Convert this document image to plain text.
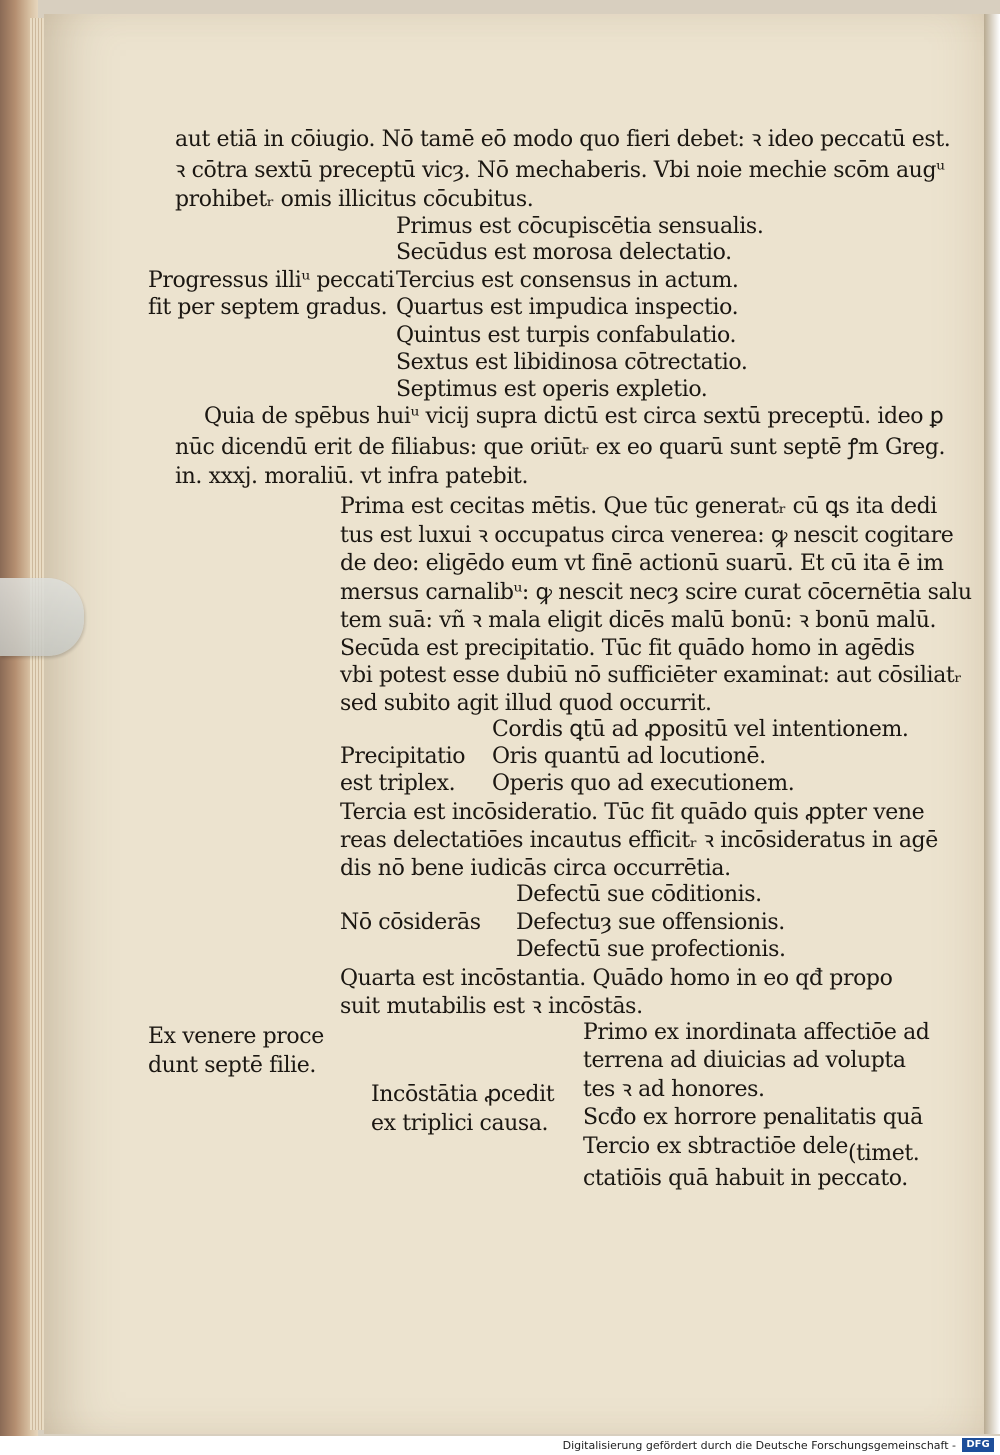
aut etiā in cōiugio. Nō tamē eō modo quo fieri debet: ꝛ ideo peccatū est.
ꝛ cōtra sextū preceptū vicȝ. Nō mechaberis. Vbi noie mechie scōm augᵘ
prohibetᵣ omis illicitus cōcubitus.
Primus est cōcupiscētia sensualis.
Secūdus est morosa delectatio.
Progressus illiᵘ peccati Tercius est consensus in actum.
fit per septem gradus. Quartus est impudica inspectio.
Quintus est turpis confabulatio.
Sextus est libidinosa cōtrectatio.
Septimus est operis expletio.
Quia de spēbus huiᵘ vicij supra dictū est circa sextū preceptū. ideo ꝑ
nūc dicendū erit de filiabus: que oriūtᵣ ex eo quarū sunt septē ꝭm Greg.
in. xxxj. moraliū. vt infra patebit.
Prima est cecitas mētis. Que tūc generatᵣ cū ꝗs ita dedi
tus est luxui ꝛ occupatus circa venerea: ꝙ nescit cogitare
de deo: eligēdo eum vt finē actionū suarū. Et cū ita ē im
mersus carnalibᵘ: ꝙ nescit necȝ scire curat cōcernētia salu
tem suā: vñ ꝛ mala eligit dicēs malū bonū: ꝛ bonū malū.
Secūda est precipitatio. Tūc fit quādo homo in agēdis
vbi potest esse dubiū nō sufficiēter examinat: aut cōsiliatᵣ
sed subito agit illud quod occurrit.
Cordis ꝗtū ad ꝓpositū vel intentionem.
Precipitatio Oris quantū ad locutionē.
est triplex. Operis quo ad executionem.
Tercia est incōsideratio. Tūc fit quādo quis ꝓpter vene
reas delectatiōes incautus efficitᵣ ꝛ incōsideratus in agē
dis nō bene iudicās circa occurrētia.
Defectū sue cōditionis.
Nō cōsiderās Defectuȝ sue offensionis.
Defectū sue profectionis.
Quarta est incōstantia. Quādo homo in eo qđ propo
suit mutabilis est ꝛ incōstās.
Ex venere proce
dunt septē filie.
Primo ex inordinata affectiōe ad
terrena ad diuicias ad volupta
Incōstātia ꝓcedit tes ꝛ ad honores.
ex triplici causa. Scđo ex horrore penalitatis quā
Tercio ex sbtractiōe dele (timet.
ctatiōis quā habuit in peccato.
Digitalisierung gefördert durch die Deutsche Forschungsgemeinschaft -	DFG
